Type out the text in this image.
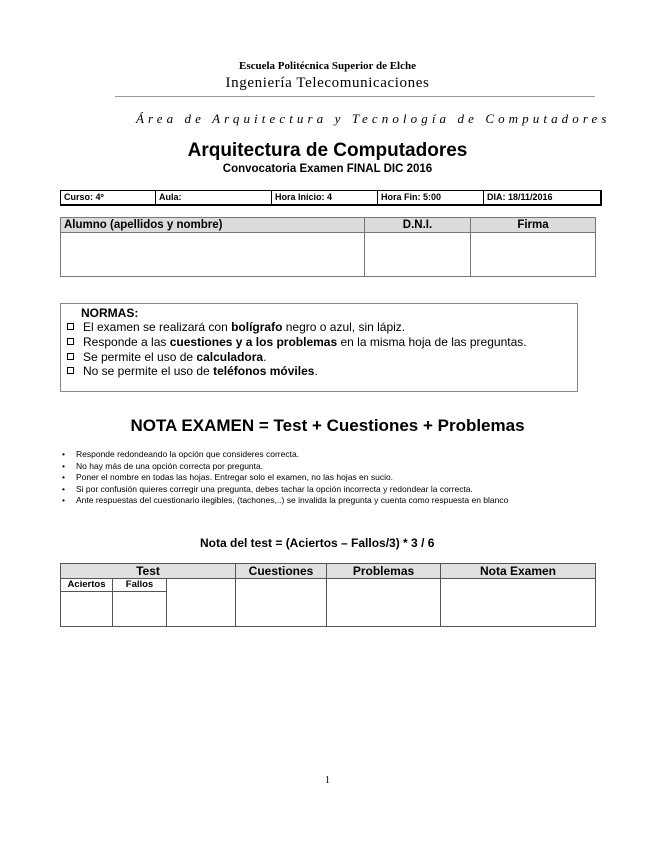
Escuela Politécnica Superior de Elche
Ingeniería Telecomunicaciones
Área de Arquitectura y Tecnología de Computadores
Arquitectura de Computadores
Convocatoria Examen FINAL DIC 2016
Curso: 4º	Aula:	Hora Inicio: 4	Hora Fin: 5:00	DIA: 18/11/2016
Alumno (apellidos y nombre)	D.N.I.	Firma

NORMAS:
El examen se realizará con bolígrafo negro o azul, sin lápiz.
Responde a las cuestiones y a los problemas en la misma hoja de las preguntas.
Se permite el uso de calculadora.
No se permite el uso de teléfonos móviles.
NOTA EXAMEN = Test + Cuestiones + Problemas
• Responde redondeando la opción que consideres correcta.
• No hay más de una opción correcta por pregunta.
• Poner el nombre en todas las hojas. Entregar solo el examen, no las hojas en sucio.
• Si por confusión quieres corregir una pregunta, debes tachar la opción incorrecta y redondear la correcta.
• Ante respuestas del cuestionario ilegibles, (tachones,..) se invalida la pregunta y cuenta como respuesta en blanco
Nota del test = (Aciertos – Fallos/3) * 3 / 6
Test			Cuestiones	Problemas	Nota Examen
Aciertos	Fallos				

1
